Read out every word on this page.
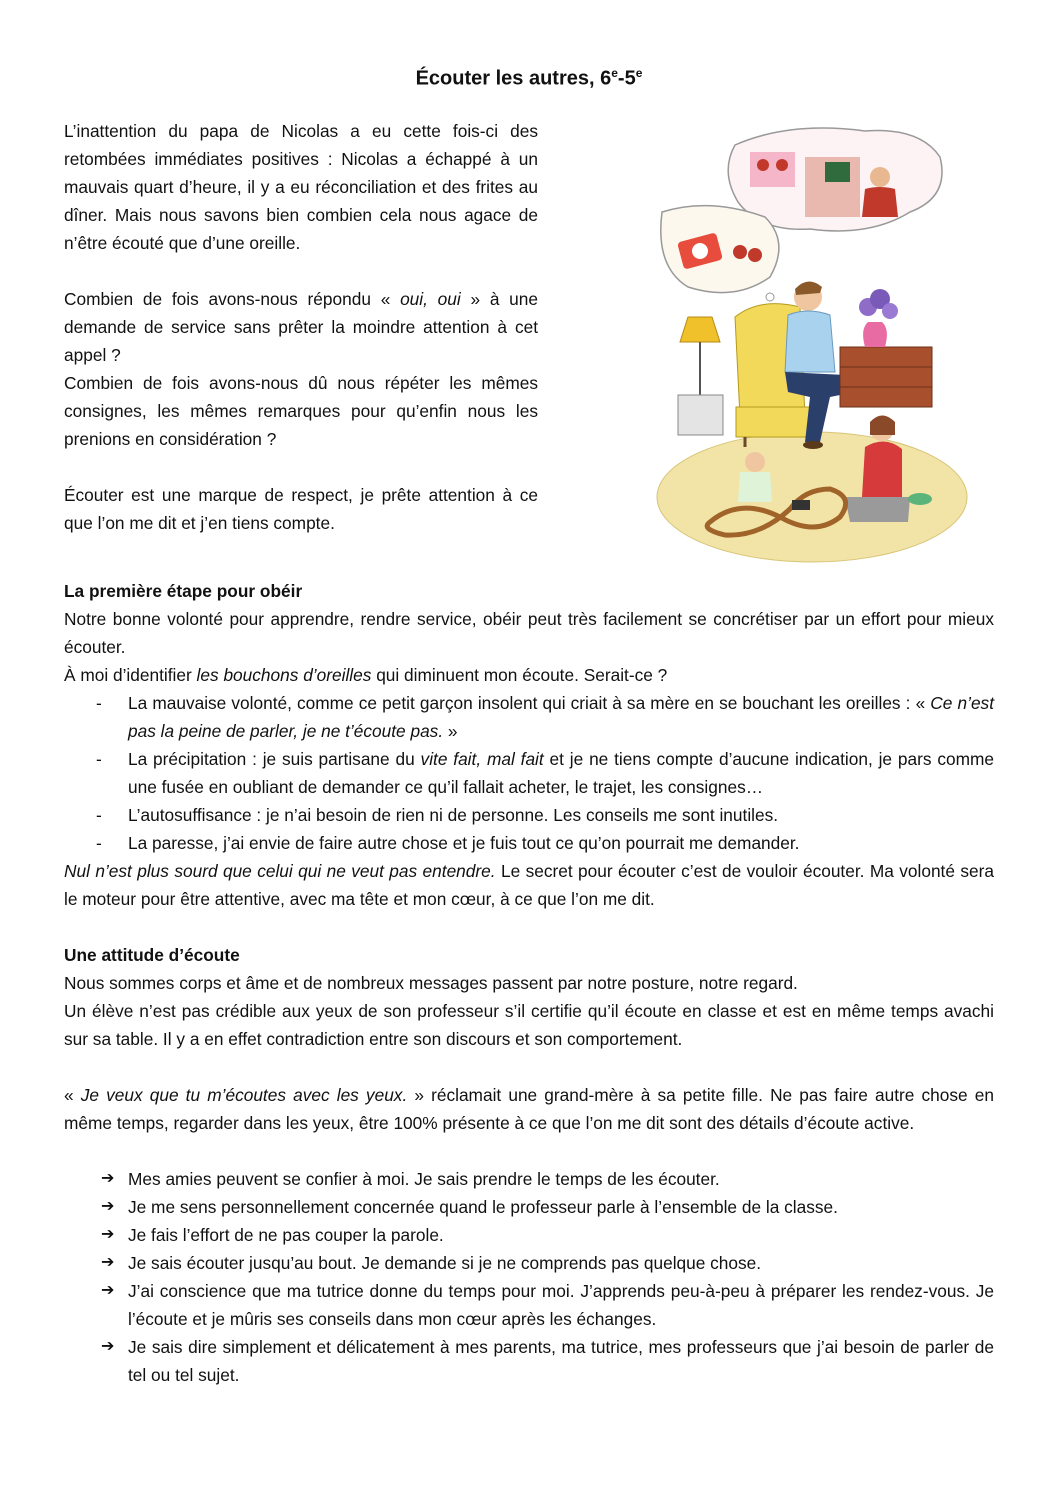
Écouter les autres, 6e-5e

L’inattention du papa de Nicolas a eu cette fois-ci des retombées immédiates positives : Nicolas a échappé à un mauvais quart d’heure, il y a eu réconciliation et des frites au dîner. Mais nous savons bien combien cela nous agace de n’être écouté que d’une oreille.

Combien de fois avons-nous répondu « oui, oui » à une demande de service sans prêter la moindre attention à cet appel ?

Combien de fois avons-nous dû nous répéter les mêmes consignes, les mêmes remarques pour qu’enfin nous les prenions en considération ?

Écouter est une marque de respect, je prête attention à ce que l’on me dit et j’en tiens compte.

La première étape pour obéir

Notre bonne volonté pour apprendre, rendre service, obéir peut très facilement se concrétiser par un effort pour mieux écouter.

À moi d’identifier les bouchons d’oreilles qui diminuent mon écoute. Serait-ce ?

- La mauvaise volonté, comme ce petit garçon insolent qui criait à sa mère en se bouchant les oreilles : « Ce n’est pas la peine de parler, je ne t’écoute pas. »
- La précipitation : je suis partisane du vite fait, mal fait et je ne tiens compte d’aucune indication, je pars comme une fusée en oubliant de demander ce qu’il fallait acheter, le trajet, les consignes…
- L’autosuffisance : je n’ai besoin de rien ni de personne. Les conseils me sont inutiles.
- La paresse, j’ai envie de faire autre chose et je fuis tout ce qu’on pourrait me demander.

Nul n’est plus sourd que celui qui ne veut pas entendre. Le secret pour écouter c’est de vouloir écouter. Ma volonté sera le moteur pour être attentive, avec ma tête et mon cœur, à ce que l’on me dit.

Une attitude d’écoute

Nous sommes corps et âme et de nombreux messages passent par notre posture, notre regard.

Un élève n’est pas crédible aux yeux de son professeur s’il certifie qu’il écoute en classe et est en même temps avachi sur sa table. Il y a en effet contradiction entre son discours et son comportement.

« Je veux que tu m’écoutes avec les yeux. » réclamait une grand-mère à sa petite fille. Ne pas faire autre chose en même temps, regarder dans les yeux, être 100% présente à ce que l’on me dit sont des détails d’écoute active.

➔ Mes amies peuvent se confier à moi. Je sais prendre le temps de les écouter.
➔ Je me sens personnellement concernée quand le professeur parle à l’ensemble de la classe.
➔ Je fais l’effort de ne pas couper la parole.
➔ Je sais écouter jusqu’au bout. Je demande si je ne comprends pas quelque chose.
➔ J’ai conscience que ma tutrice donne du temps pour moi. J’apprends peu-à-peu à préparer les rendez-vous. Je l’écoute et je mûris ses conseils dans mon cœur après les échanges.
➔ Je sais dire simplement et délicatement à mes parents, ma tutrice, mes professeurs que j’ai besoin de parler de tel ou tel sujet.
